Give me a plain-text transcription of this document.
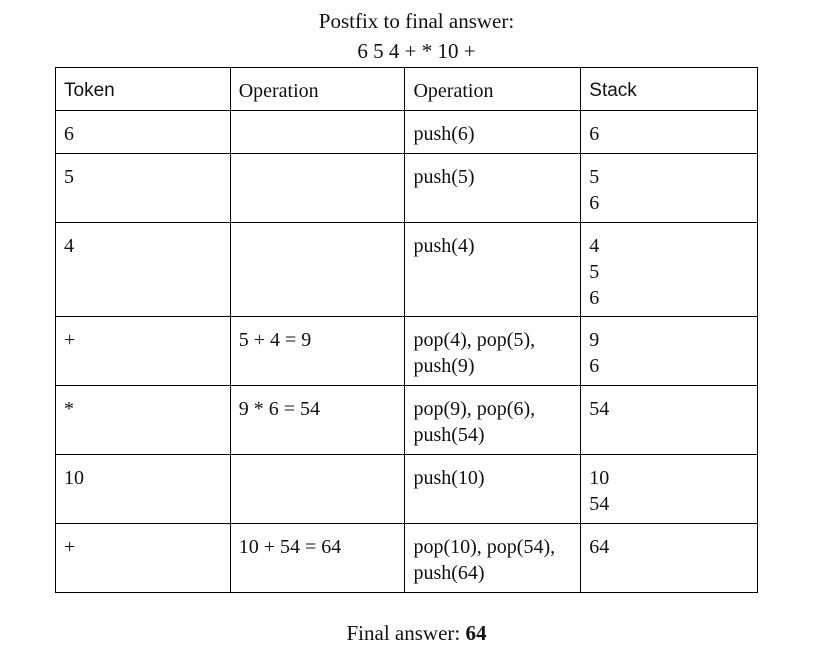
Postfix to final answer:
6 5 4 + * 10 +
Token	Operation	Operation	Stack
6		push(6)	6

5		push(5)	5
6

4		push(4)	4
5
6

+	5 + 4 = 9	pop(4), pop(5),
push(9)	9
6

*	9 * 6 = 54	pop(9), pop(6),
push(54)	54

10		push(10)	10
54

+	10 + 54 = 64	pop(10), pop(54),
push(64)	64
Final answer: 64
